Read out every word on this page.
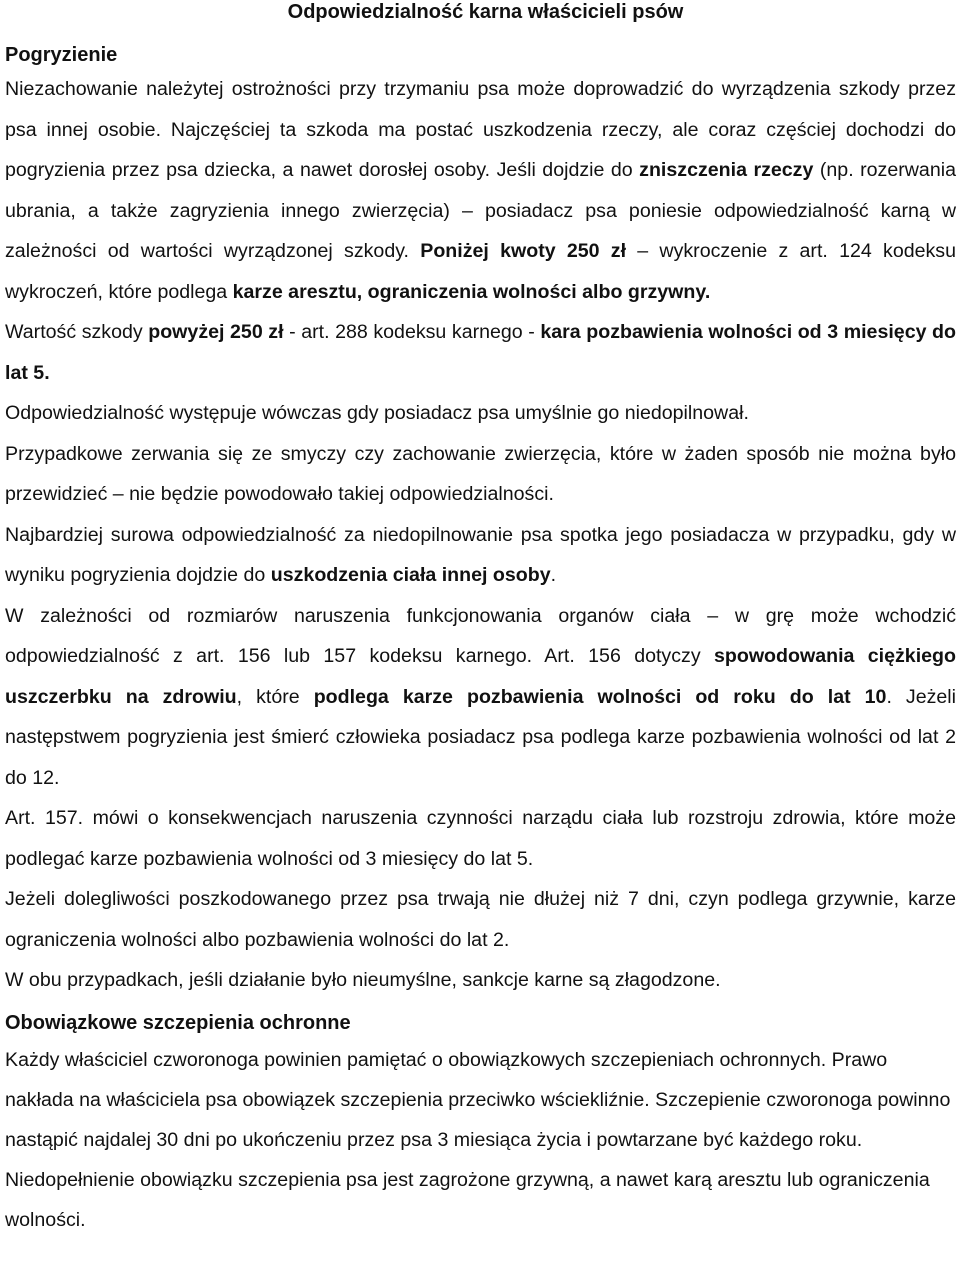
Odpowiedzialność karna właścicieli psów
Pogryzienie

Niezachowanie należytej ostrożności przy trzymaniu psa może doprowadzić do wyrządzenia szkody przez psa innej osobie. Najczęściej ta szkoda ma postać uszkodzenia rzeczy, ale coraz częściej dochodzi do pogryzienia przez psa dziecka, a nawet dorosłej osoby. Jeśli dojdzie do zniszczenia rzeczy (np. rozerwania ubrania, a także zagryzienia innego zwierzęcia) – posiadacz psa poniesie odpowiedzialność karną w zależności od wartości wyrządzonej szkody. Poniżej kwoty 250 zł – wykroczenie z art. 124 kodeksu wykroczeń, które podlega karze aresztu, ograniczenia wolności albo grzywny.

Wartość szkody powyżej 250 zł - art. 288 kodeksu karnego - kara pozbawienia wolności od 3 miesięcy do lat 5.

Odpowiedzialność występuje wówczas gdy posiadacz psa umyślnie go niedopilnował.

Przypadkowe zerwania się ze smyczy czy zachowanie zwierzęcia, które w żaden sposób nie można było przewidzieć – nie będzie powodowało takiej odpowiedzialności.

Najbardziej surowa odpowiedzialność za niedopilnowanie psa spotka jego posiadacza w przypadku, gdy w wyniku pogryzienia dojdzie do uszkodzenia ciała innej osoby.

W zależności od rozmiarów naruszenia funkcjonowania organów ciała – w grę może wchodzić odpowiedzialność z art. 156 lub 157 kodeksu karnego. Art. 156 dotyczy spowodowania ciężkiego uszczerbku na zdrowiu, które podlega karze pozbawienia wolności od roku do lat 10. Jeżeli następstwem pogryzienia jest śmierć człowieka posiadacz psa podlega karze pozbawienia wolności od lat 2 do 12.

Art. 157. mówi o konsekwencjach naruszenia czynności narządu ciała lub rozstroju zdrowia, które może podlegać karze pozbawienia wolności od 3 miesięcy do lat 5.

Jeżeli dolegliwości poszkodowanego przez psa trwają nie dłużej niż 7 dni, czyn podlega grzywnie, karze ograniczenia wolności albo pozbawienia wolności do lat 2.

W obu przypadkach, jeśli działanie było nieumyślne, sankcje karne są złagodzone.

Obowiązkowe szczepienia ochronne

Każdy właściciel czworonoga powinien pamiętać o obowiązkowych szczepieniach ochronnych. Prawo nakłada na właściciela psa obowiązek szczepienia przeciwko wściekliźnie. Szczepienie czworonoga powinno nastąpić najdalej 30 dni po ukończeniu przez psa 3 miesiąca życia i powtarzane być każdego roku. Niedopełnienie obowiązku szczepienia psa jest zagrożone grzywną, a nawet karą aresztu lub ograniczenia wolności.
